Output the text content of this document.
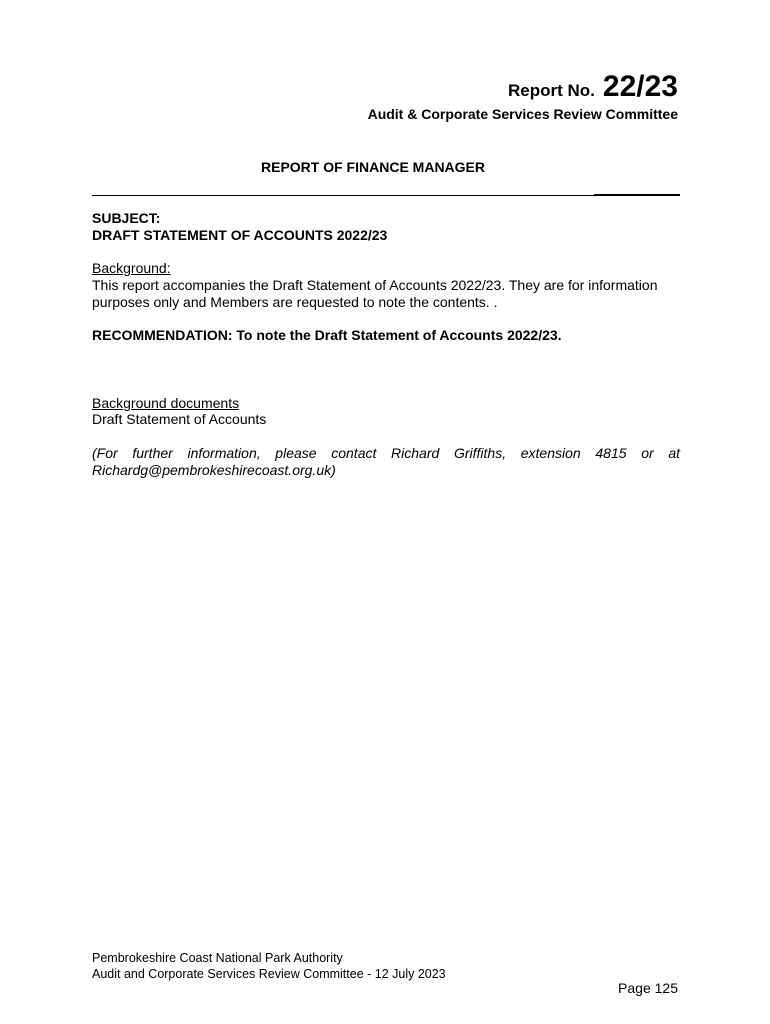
Report No. 22/23
Audit & Corporate Services Review Committee
REPORT OF FINANCE MANAGER
SUBJECT:
DRAFT STATEMENT OF ACCOUNTS 2022/23
Background:
This report accompanies the Draft Statement of Accounts 2022/23. They are for information purposes only and Members are requested to note the contents. .
RECOMMENDATION: To note the Draft Statement of Accounts 2022/23.
Background documents
Draft Statement of Accounts
(For further information, please contact Richard Griffiths, extension 4815 or at Richardg@pembrokeshirecoast.org.uk)
Pembrokeshire Coast National Park Authority
Audit and Corporate Services Review Committee - 12 July 2023
Page 125
